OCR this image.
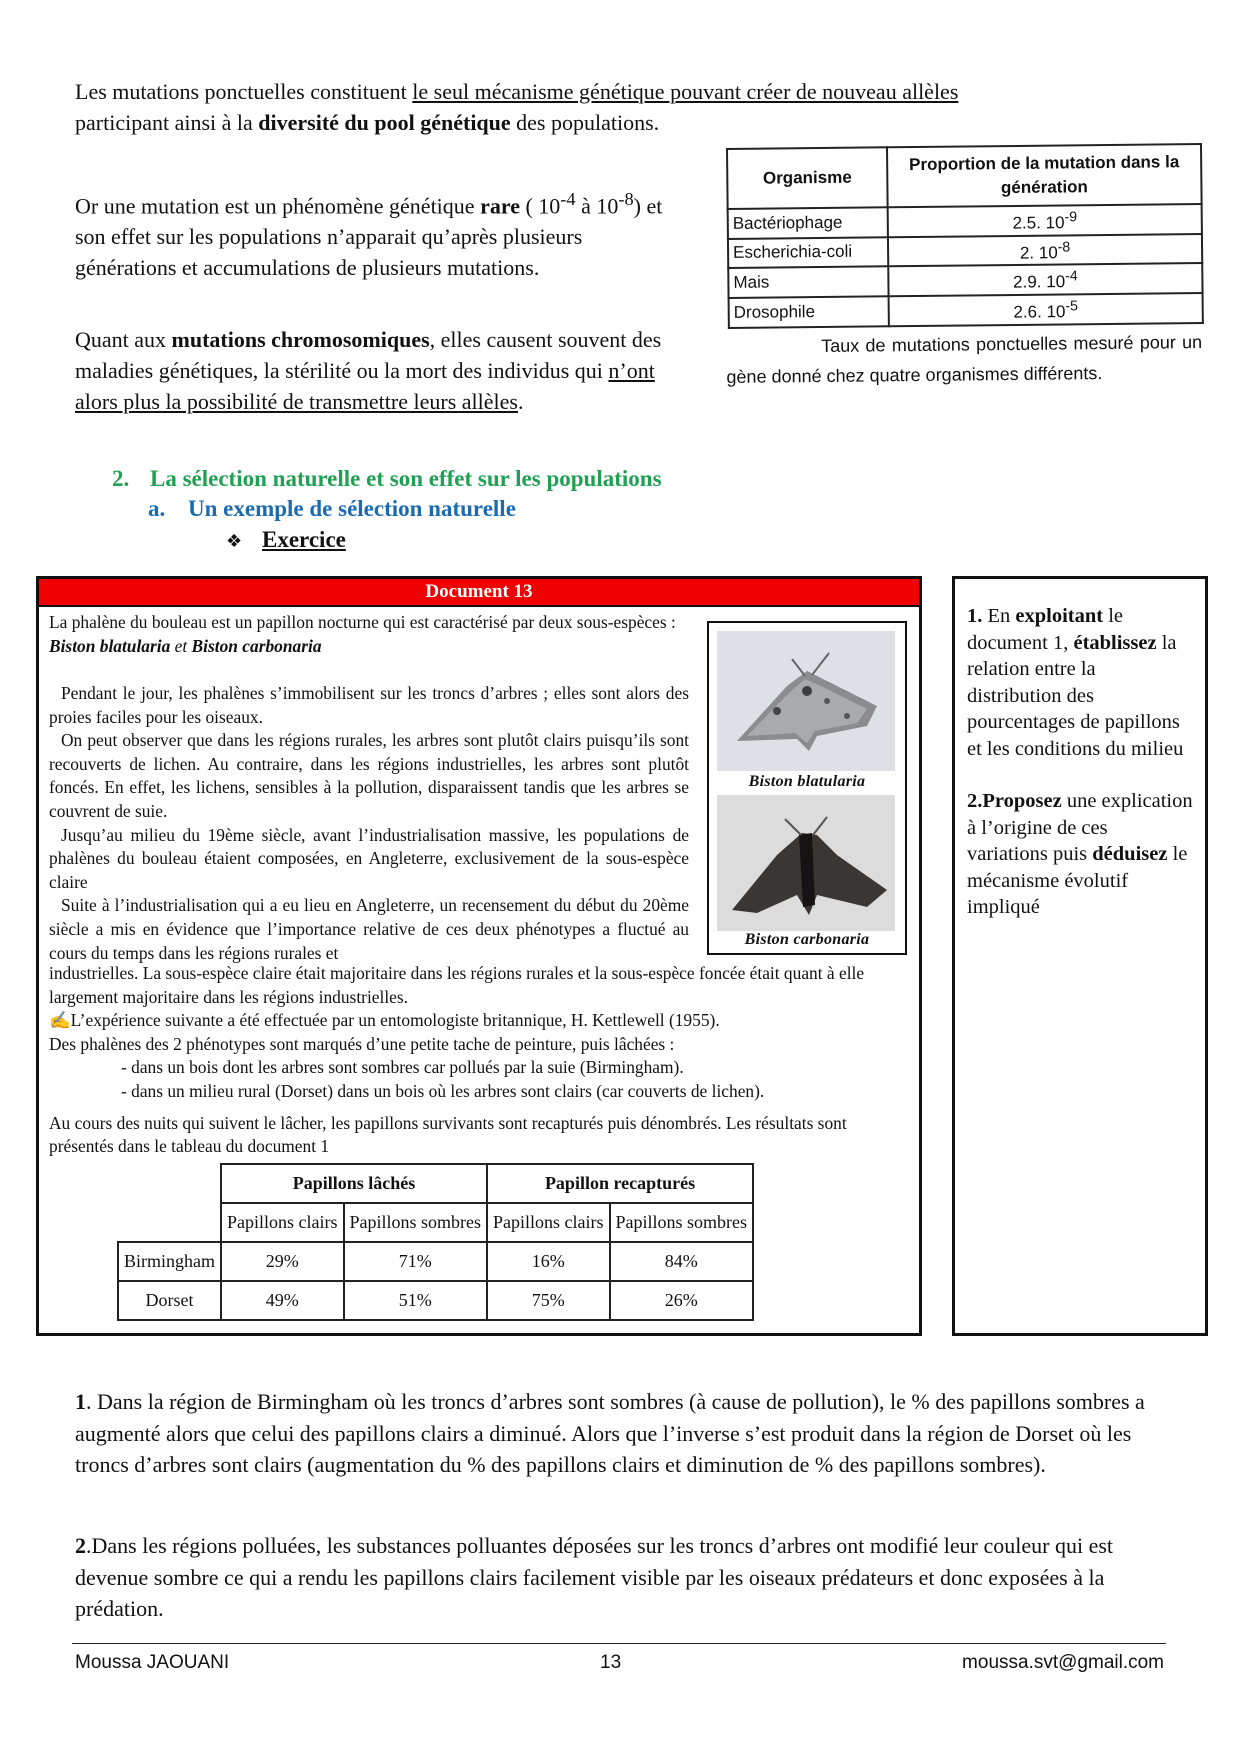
Les mutations ponctuelles constituent le seul mécanisme génétique pouvant créer de nouveau allèles
participant ainsi à la diversité du pool génétique des populations.
Or une mutation est un phénomène génétique rare ( $10^{-4}$ à $10^{-8}$) et son effet sur les populations n’apparait qu’après plusieurs générations et accumulations de plusieurs mutations.
Quant aux mutations chromosomiques, elles causent souvent des maladies génétiques, la stérilité ou la mort des individus qui n’ont alors plus la possibilité de transmettre leurs allèles.
Organisme	Proportion de la mutation dans la génération
Bactériophage	2.5. $10^{-9}$
Escherichia-coli	2. $10^{-8}$
Mais	2.9. $10^{-4}$
Drosophile	2.6. $10^{-5}$
Taux de mutations ponctuelles mesuré pour un gène donné chez quatre organismes différents.
2. La sélection naturelle et son effet sur les populations
a. Un exemple de sélection naturelle
❖ Exercice
Document 13

La phalène du bouleau est un papillon nocturne qui est caractérisé par deux sous-espèces : Biston blatularia et Biston carbonaria

Pendant le jour, les phalènes s’immobilisent sur les troncs d’arbres ; elles sont alors des proies faciles pour les oiseaux.

On peut observer que dans les régions rurales, les arbres sont plutôt clairs puisqu’ils sont recouverts de lichen. Au contraire, dans les régions industrielles, les arbres sont plutôt foncés. En effet, les lichens, sensibles à la pollution, disparaissent tandis que les arbres se couvrent de suie.

Jusqu’au milieu du 19ème siècle, avant l’industrialisation massive, les populations de phalènes du bouleau étaient composées, en Angleterre, exclusivement de la sous-espèce claire

Suite à l’industrialisation qui a eu lieu en Angleterre, un recensement du début du 20ème siècle a mis en évidence que l’importance relative de ces deux phénotypes a fluctué au cours du temps dans les régions rurales et

industrielles. La sous-espèce claire était majoritaire dans les régions rurales et la sous-espèce foncée était quant à elle largement majoritaire dans les régions industrielles.

✍L’expérience suivante a été effectuée par un entomologiste britannique, H. Kettlewell (1955).

Des phalènes des 2 phénotypes sont marqués d’une petite tache de peinture, puis lâchées :

- dans un bois dont les arbres sont sombres car pollués par la suie (Birmingham).

- dans un milieu rural (Dorset) dans un bois où les arbres sont clairs (car couverts de lichen).

Au cours des nuits qui suivent le lâcher, les papillons survivants sont recapturés puis dénombrés. Les résultats sont présentés dans le tableau du document 1

Biston blatularia
Biston carbonaria
	Papillons lâchés		Papillon recapturés	
	Papillons clairs	Papillons sombres	Papillons clairs	Papillons sombres
Birmingham	29%	71%	16%	84%
Dorset	49%	51%	75%	26%

1. En exploitant le document 1, établissez la relation entre la distribution des pourcentages de papillons et les conditions du milieu

2.Proposez une explication à l’origine de ces variations puis déduisez le mécanisme évolutif impliqué

1. Dans la région de Birmingham où les troncs d’arbres sont sombres (à cause de pollution), le % des papillons sombres a augmenté alors que celui des papillons clairs a diminué. Alors que l’inverse s’est produit dans la région de Dorset où les troncs d’arbres sont clairs (augmentation du % des papillons clairs et diminution de % des papillons sombres).
2.Dans les régions polluées, les substances polluantes déposées sur les troncs d’arbres ont modifié leur couleur qui est devenue sombre ce qui a rendu les papillons clairs facilement visible par les oiseaux prédateurs et donc exposées à la prédation.
Moussa JAOUANI	13	moussa.svt@gmail.com
